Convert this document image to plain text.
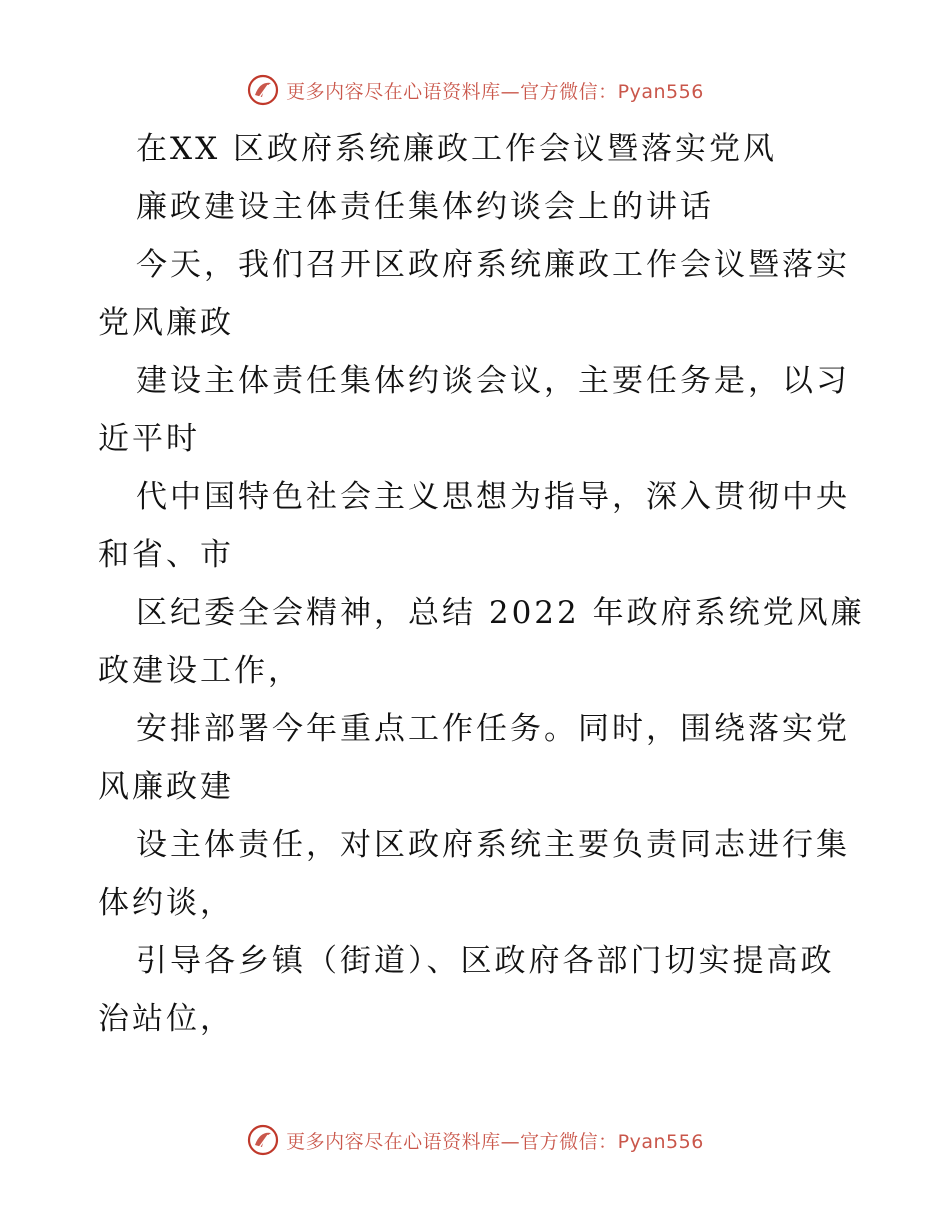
更多内容尽在心语资料库—官方微信：Pyan556
在XX 区政府系统廉政工作会议暨落实党风
廉政建设主体责任集体约谈会上的讲话
今天，我们召开区政府系统廉政工作会议暨落实
党风廉政
建设主体责任集体约谈会议，主要任务是，以习
近平时
代中国特色社会主义思想为指导，深入贯彻中央
和省、市
区纪委全会精神，总结 2022 年政府系统党风廉
政建设工作，
安排部署今年重点工作任务。同时，围绕落实党
风廉政建
设主体责任，对区政府系统主要负责同志进行集
体约谈，
引导各乡镇（街道）、区政府各部门切实提高政
治站位，
更多内容尽在心语资料库—官方微信：Pyan556
